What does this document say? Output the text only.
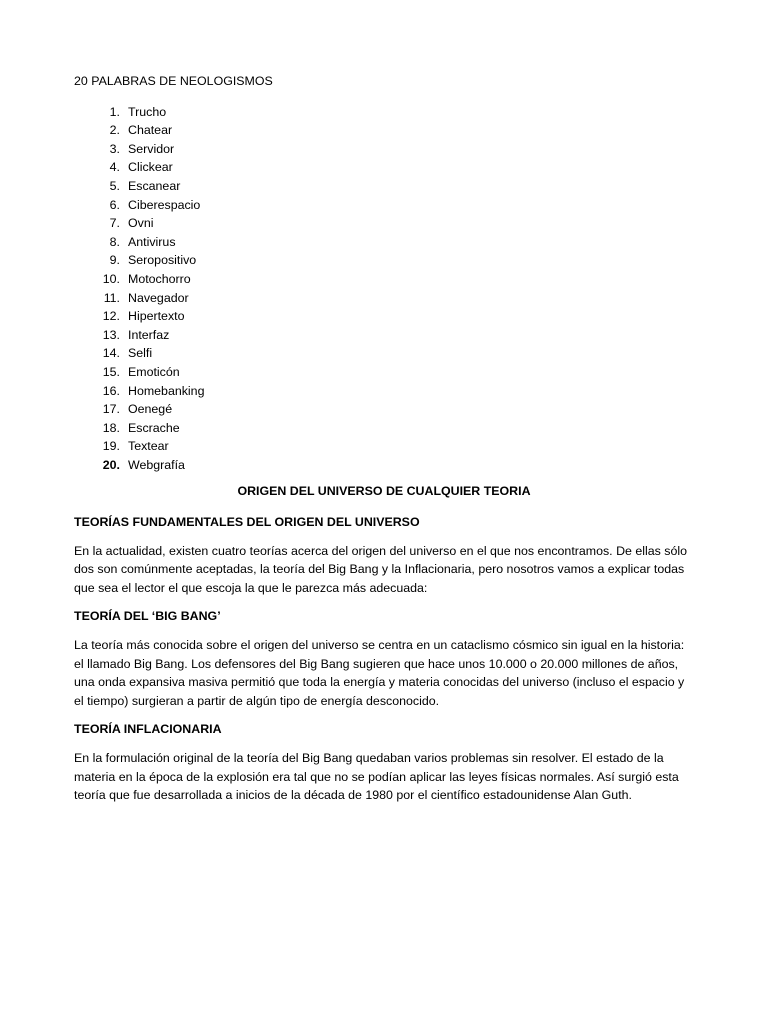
20 PALABRAS DE NEOLOGISMOS
1. Trucho
2. Chatear
3. Servidor
4. Clickear
5. Escanear
6. Ciberespacio
7. Ovni
8. Antivirus
9. Seropositivo
10. Motochorro
11. Navegador
12. Hipertexto
13. Interfaz
14. Selfi
15. Emoticón
16. Homebanking
17. Oenegé
18. Escrache
19. Textear
20. Webgrafía
ORIGEN DEL UNIVERSO DE CUALQUIER TEORIA
TEORÍAS FUNDAMENTALES DEL ORIGEN DEL UNIVERSO

En la actualidad, existen cuatro teorías acerca del origen del universo en el que nos encontramos. De ellas sólo dos son comúnmente aceptadas, la teoría del Big Bang y la Inflacionaria, pero nosotros vamos a explicar todas que sea el lector el que escoja la que le parezca más adecuada:

TEORÍA DEL ‘BIG BANG’

La teoría más conocida sobre el origen del universo se centra en un cataclismo cósmico sin igual en la historia: el llamado Big Bang. Los defensores del Big Bang sugieren que hace unos 10.000 o 20.000 millones de años, una onda expansiva masiva permitió que toda la energía y materia conocidas del universo (incluso el espacio y el tiempo) surgieran a partir de algún tipo de energía desconocido.

TEORÍA INFLACIONARIA

En la formulación original de la teoría del Big Bang quedaban varios problemas sin resolver. El estado de la materia en la época de la explosión era tal que no se podían aplicar las leyes físicas normales. Así surgió esta teoría que fue desarrollada a inicios de la década de 1980 por el científico estadounidense Alan Guth.
